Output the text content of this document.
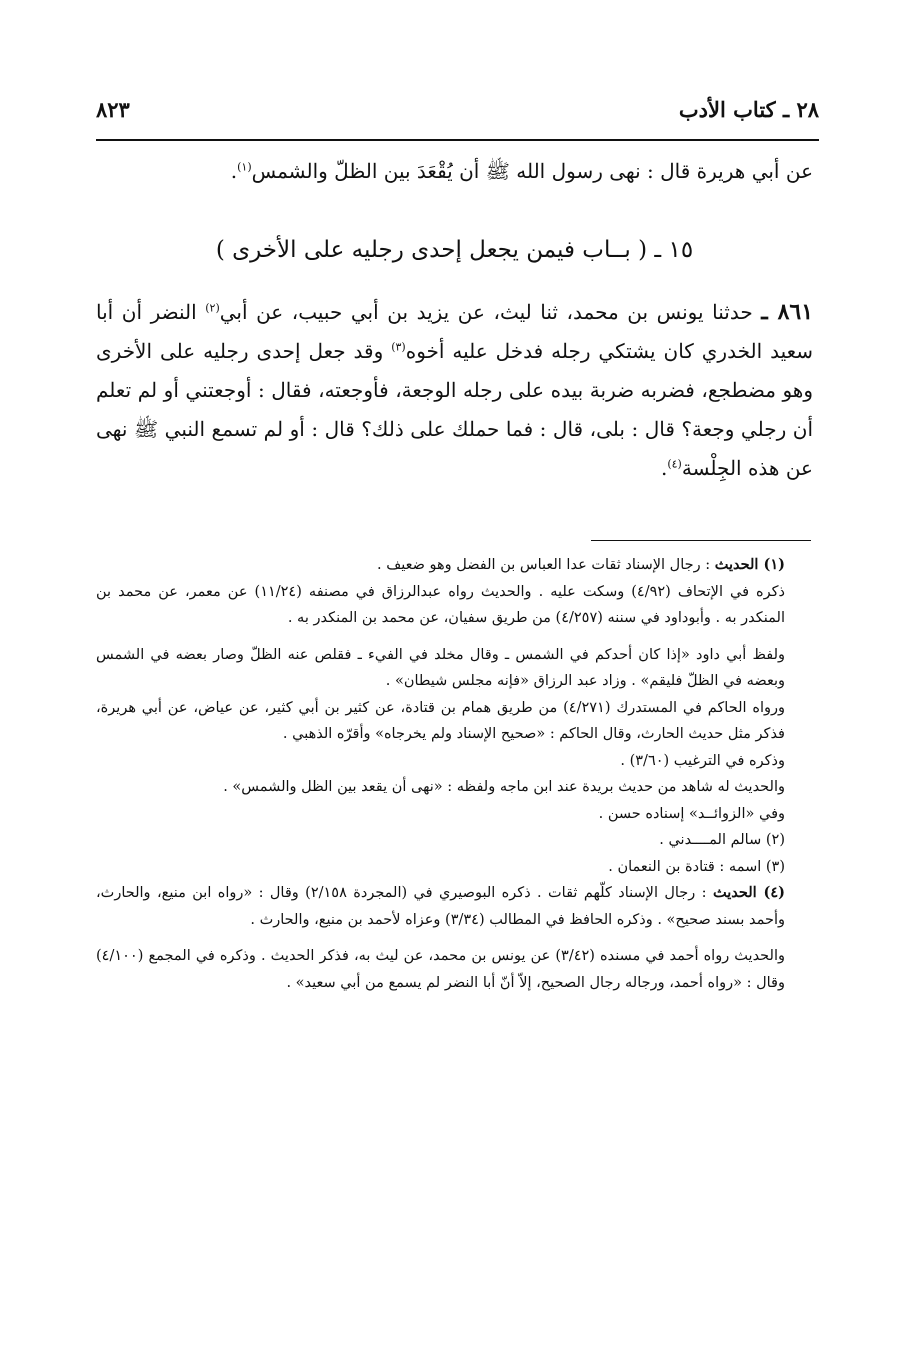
٢٨ ـ كتاب الأدب
٨٢٣

عن أبي هريرة قال : نهى رسول الله ﷺ أن يُقْعَدَ بين الظلّ والشمس$^{(١)}$.

١٥ ـ ( بــاب فيمن يجعل إحدى رجليه على الأخرى )

٨٦١ ـ حدثنا يونس بن محمد، ثنا ليث، عن يزيد بن أبي حبيب، عن أبي$^{(٢)}$ النضر أن أبا سعيد الخدري كان يشتكي رجله فدخل عليه أخوه$^{(٣)}$ وقد جعل إحدى رجليه على الأخرى وهو مضطجع، فضربه ضربة بيده على رجله الوجعة، فأوجعته، فقال : أوجعتني أو لم تعلم أن رجلي وجعة؟ قال : بلى، قال : فما حملك على ذلك؟ قال : أو لم تسمع النبي ﷺ نهى عن هذه الجِلْسة$^{(٤)}$.

(١) الحديث : رجال الإسناد ثقات عدا العباس بن الفضل وهو ضعيف .

ذكره في الإتحاف (٤/٩٢) وسكت عليه . والحديث رواه عبدالرزاق في مصنفه (١١/٢٤) عن معمر، عن محمد بن المنكدر به . وأبوداود في سننه (٤/٢٥٧) من طريق سفيان، عن محمد بن المنكدر به .

ولفظ أبي داود «إذا كان أحدكم في الشمس ـ وقال مخلد في الفيء ـ فقلص عنه الظلّ وصار بعضه في الشمس وبعضه في الظلّ فليقم» . وزاد عبد الرزاق «فإنه مجلس شيطان» .

ورواه الحاكم في المستدرك (٤/٢٧١) من طريق همام بن قتادة، عن كثير بن أبي كثير، عن عياض، عن أبي هريرة، فذكر مثل حديث الحارث، وقال الحاكم : «صحيح الإسناد ولم يخرجاه» وأقرّه الذهبي .

وذكره في الترغيب (٣/٦٠) .

والحديث له شاهد من حديث بريدة عند ابن ماجه ولفظه : «نهى أن يقعد بين الظل والشمس» .

وفي «الزوائــد» إسناده حسن .

(٢) سالم المــــدني .

(٣) اسمه : قتادة بن النعمان .

(٤) الحديث : رجال الإسناد كلّهم ثقات . ذكره البوصيري في (المجردة ٢/١٥٨) وقال : «رواه ابن منيع، والحارث، وأحمد بسند صحيح» . وذكره الحافظ في المطالب (٣/٣٤) وعزاه لأحمد بن منيع، والحارث .

والحديث رواه أحمد في مسنده (٣/٤٢) عن يونس بن محمد، عن ليث به، فذكر الحديث . وذكره في المجمع (٤/١٠٠) وقال : «رواه أحمد، ورجاله رجال الصحيح، إلاّ أنّ أبا النضر لم يسمع من أبي سعيد» .
